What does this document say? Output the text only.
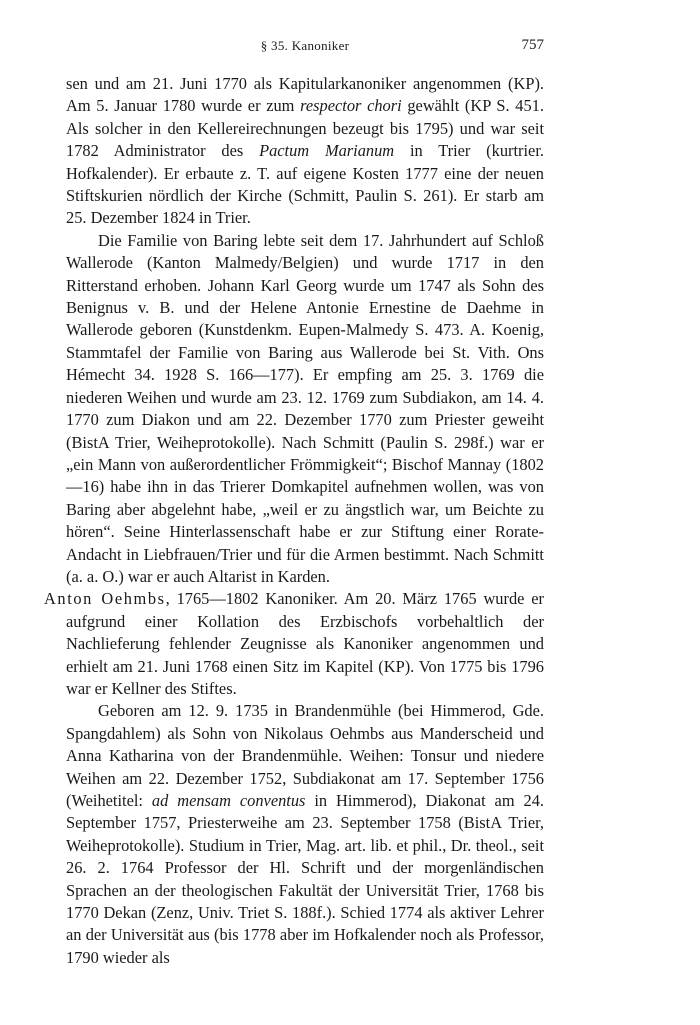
§ 35. Kanoniker	757

sen und am 21. Juni 1770 als Kapitularkanoniker angenommen (KP). Am 5. Januar 1780 wurde er zum respector chori gewählt (KP S. 451. Als solcher in den Kellereirechnungen bezeugt bis 1795) und war seit 1782 Administrator des Pactum Marianum in Trier (kurtrier. Hofkalender). Er erbaute z. T. auf eigene Kosten 1777 eine der neuen Stiftskurien nördlich der Kirche (Schmitt, Paulin S. 261). Er starb am 25. Dezember 1824 in Trier.

Die Familie von Baring lebte seit dem 17. Jahrhundert auf Schloß Wallerode (Kanton Malmedy/Belgien) und wurde 1717 in den Ritterstand erhoben. Johann Karl Georg wurde um 1747 als Sohn des Benignus v. B. und der Helene Antonie Ernestine de Daehme in Wallerode geboren (Kunstdenkm. Eupen-Malmedy S. 473. A. Koenig, Stammtafel der Familie von Baring aus Wallerode bei St. Vith. Ons Hémecht 34. 1928 S. 166—177). Er empfing am 25. 3. 1769 die niederen Weihen und wurde am 23. 12. 1769 zum Subdiakon, am 14. 4. 1770 zum Diakon und am 22. Dezember 1770 zum Priester geweiht (BistA Trier, Weiheprotokolle). Nach Schmitt (Paulin S. 298f.) war er „ein Mann von außerordentlicher Frömmigkeit“; Bischof Mannay (1802—16) habe ihn in das Trierer Domkapitel aufnehmen wollen, was von Baring aber abgelehnt habe, „weil er zu ängstlich war, um Beichte zu hören“. Seine Hinterlassenschaft habe er zur Stiftung einer Rorate-Andacht in Liebfrauen/Trier und für die Armen bestimmt. Nach Schmitt (a. a. O.) war er auch Altarist in Karden.

Anton Oehmbs, 1765—1802 Kanoniker. Am 20. März 1765 wurde er aufgrund einer Kollation des Erzbischofs vorbehaltlich der Nachlieferung fehlender Zeugnisse als Kanoniker angenommen und erhielt am 21. Juni 1768 einen Sitz im Kapitel (KP). Von 1775 bis 1796 war er Kellner des Stiftes.

Geboren am 12. 9. 1735 in Brandenmühle (bei Himmerod, Gde. Spangdahlem) als Sohn von Nikolaus Oehmbs aus Manderscheid und Anna Katharina von der Brandenmühle. Weihen: Tonsur und niedere Weihen am 22. Dezember 1752, Subdiakonat am 17. September 1756 (Weihetitel: ad mensam conventus in Himmerod), Diakonat am 24. September 1757, Priesterweihe am 23. September 1758 (BistA Trier, Weiheprotokolle). Studium in Trier, Mag. art. lib. et phil., Dr. theol., seit 26. 2. 1764 Professor der Hl. Schrift und der morgenländischen Sprachen an der theologischen Fakultät der Universität Trier, 1768 bis 1770 Dekan (Zenz, Univ. Triet S. 188f.). Schied 1774 als aktiver Lehrer an der Universität aus (bis 1778 aber im Hofkalender noch als Professor, 1790 wieder als
